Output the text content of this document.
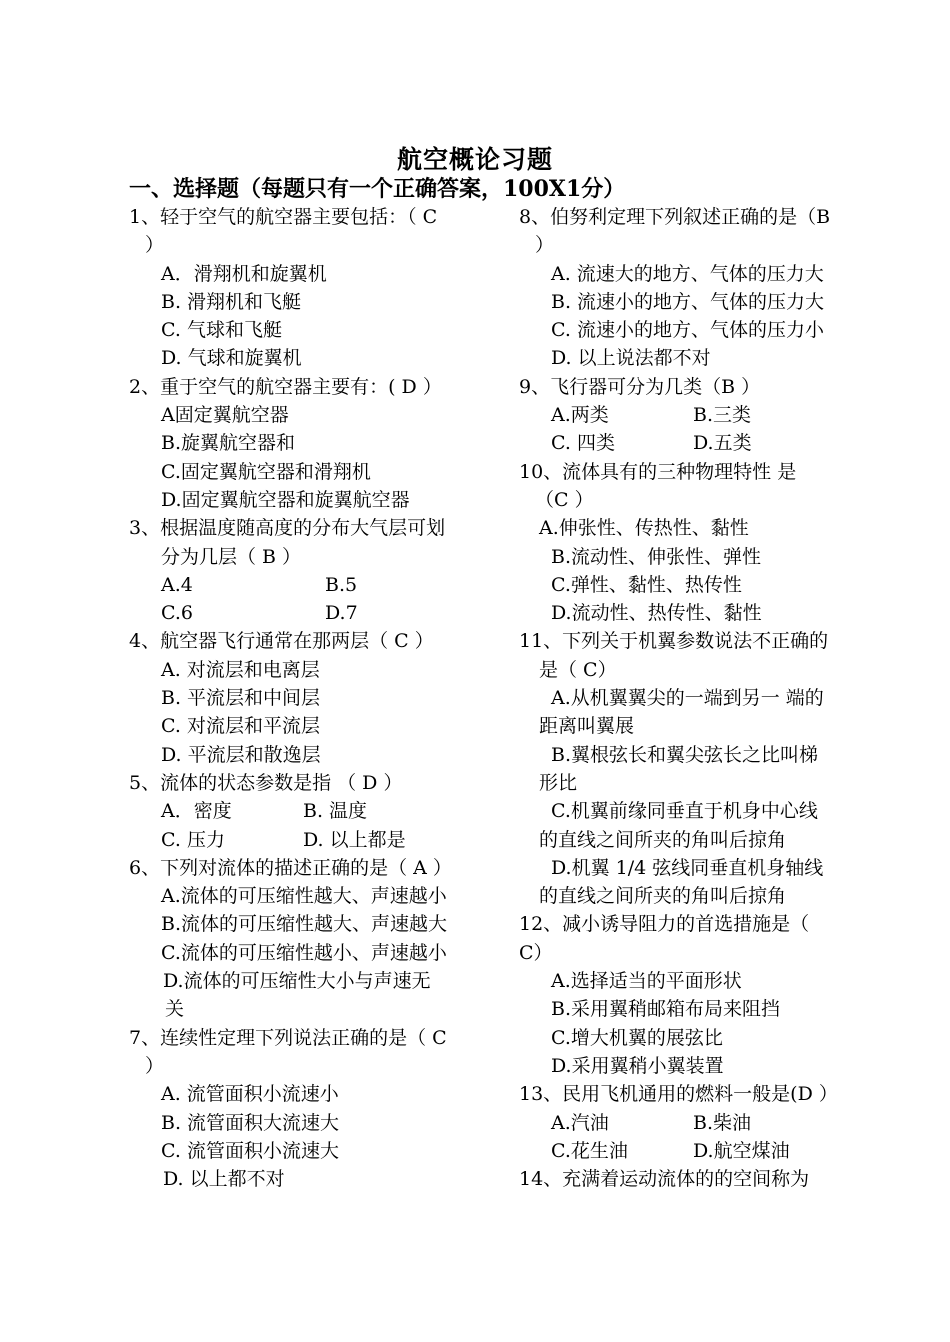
航空概论习题
一、选择题（每题只有一个正确答案，100X1分）
1、轻于空气的航空器主要包括：（ C
）
A．滑翔机和旋翼机
B. 滑翔机和飞艇
C. 气球和飞艇
D. 气球和旋翼机
2、重于空气的航空器主要有：( D ）
A固定翼航空器
B.旋翼航空器和
C.固定翼航空器和滑翔机
D.固定翼航空器和旋翼航空器
3、根据温度随高度的分布大气层可划
分为几层（ B ）
A.4	B.5
C.6	D.7
4、航空器飞行通常在那两层（ C ）
A. 对流层和电离层
B. 平流层和中间层
C. 对流层和平流层
D. 平流层和散逸层
5、流体的状态参数是指 （ D ）
A．密度	B. 温度
C. 压力	D. 以上都是
6、下列对流体的描述正确的是（ A ）
A.流体的可压缩性越大、声速越小
B.流体的可压缩性越大、声速越大
C.流体的可压缩性越小、声速越小
D.流体的可压缩性大小与声速无
关
7、连续性定理下列说法正确的是（ C
）
A. 流管面积小流速小
B. 流管面积大流速大
C. 流管面积小流速大
D. 以上都不对
8、伯努利定理下列叙述正确的是（B
）
A. 流速大的地方、气体的压力大
B. 流速小的地方、气体的压力大
C. 流速小的地方、气体的压力小
D. 以上说法都不对
9、飞行器可分为几类（B ）
A.两类	B.三类
C. 四类	D.五类
10、流体具有的三种物理特性 是
（C ）
A.伸张性、传热性、黏性
B.流动性、伸张性、弹性
C.弹性、黏性、热传性
D.流动性、热传性、黏性
11、下列关于机翼参数说法不正确的
是（ C）
A.从机翼翼尖的一端到另一 端的
距离叫翼展
B.翼根弦长和翼尖弦长之比叫梯
形比
C.机翼前缘同垂直于机身中心线
的直线之间所夹的角叫后掠角
D.机翼 1/4 弦线同垂直机身轴线
的直线之间所夹的角叫后掠角
12、减小诱导阻力的首选措施是（
C）
A.选择适当的平面形状
B.采用翼稍邮箱布局来阻挡
C.增大机翼的展弦比
D.采用翼稍小翼装置
13、民用飞机通用的燃料一般是(D ）
A.汽油	B.柴油
C.花生油	D.航空煤油
14、充满着运动流体的的空间称为
